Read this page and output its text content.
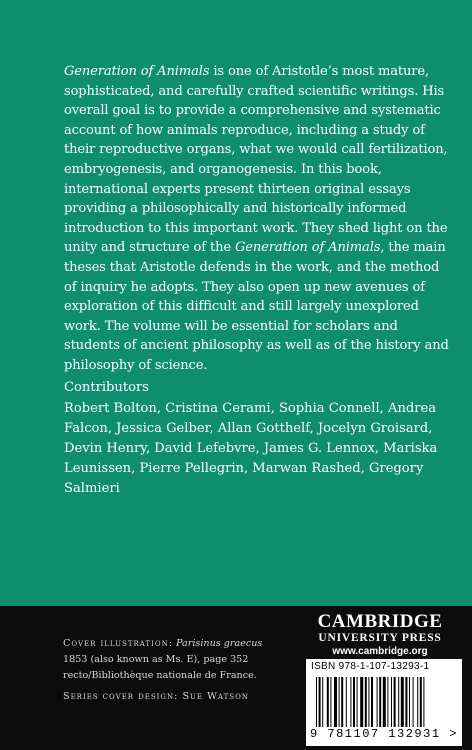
Generation of Animals is one of Aristotle’s most mature, sophisticated, and carefully crafted scientific writings. His overall goal is to provide a comprehensive and systematic account of how animals reproduce, including a study of their reproductive organs, what we would call fertilization, embryogenesis, and organogenesis. In this book, international experts present thirteen original essays providing a philosophically and historically informed introduction to this important work. They shed light on the unity and structure of the Generation of Animals, the main theses that Aristotle defends in the work, and the method of inquiry he adopts. They also open up new avenues of exploration of this difficult and still largely unexplored work. The volume will be essential for scholars and students of ancient philosophy as well as of the history and philosophy of science.

Contributors
Robert Bolton, Cristina Cerami, Sophia Connell, Andrea Falcon, Jessica Gelber, Allan Gotthelf, Jocelyn Groisard, Devin Henry, David Lefebvre, James G. Lennox, Mariska Leunissen, Pierre Pellegrin, Marwan Rashed, Gregory Salmieri
Cover illustration: Parisinus graecus 1853 (also known as Ms. E), page 352 recto/Bibliothèque nationale de France.
Series cover design: Sue Watson
CAMBRIDGE
UNIVERSITY PRESS
www.cambridge.org
ISBN 978-1-107-13293-1
9 781107 132931 >
